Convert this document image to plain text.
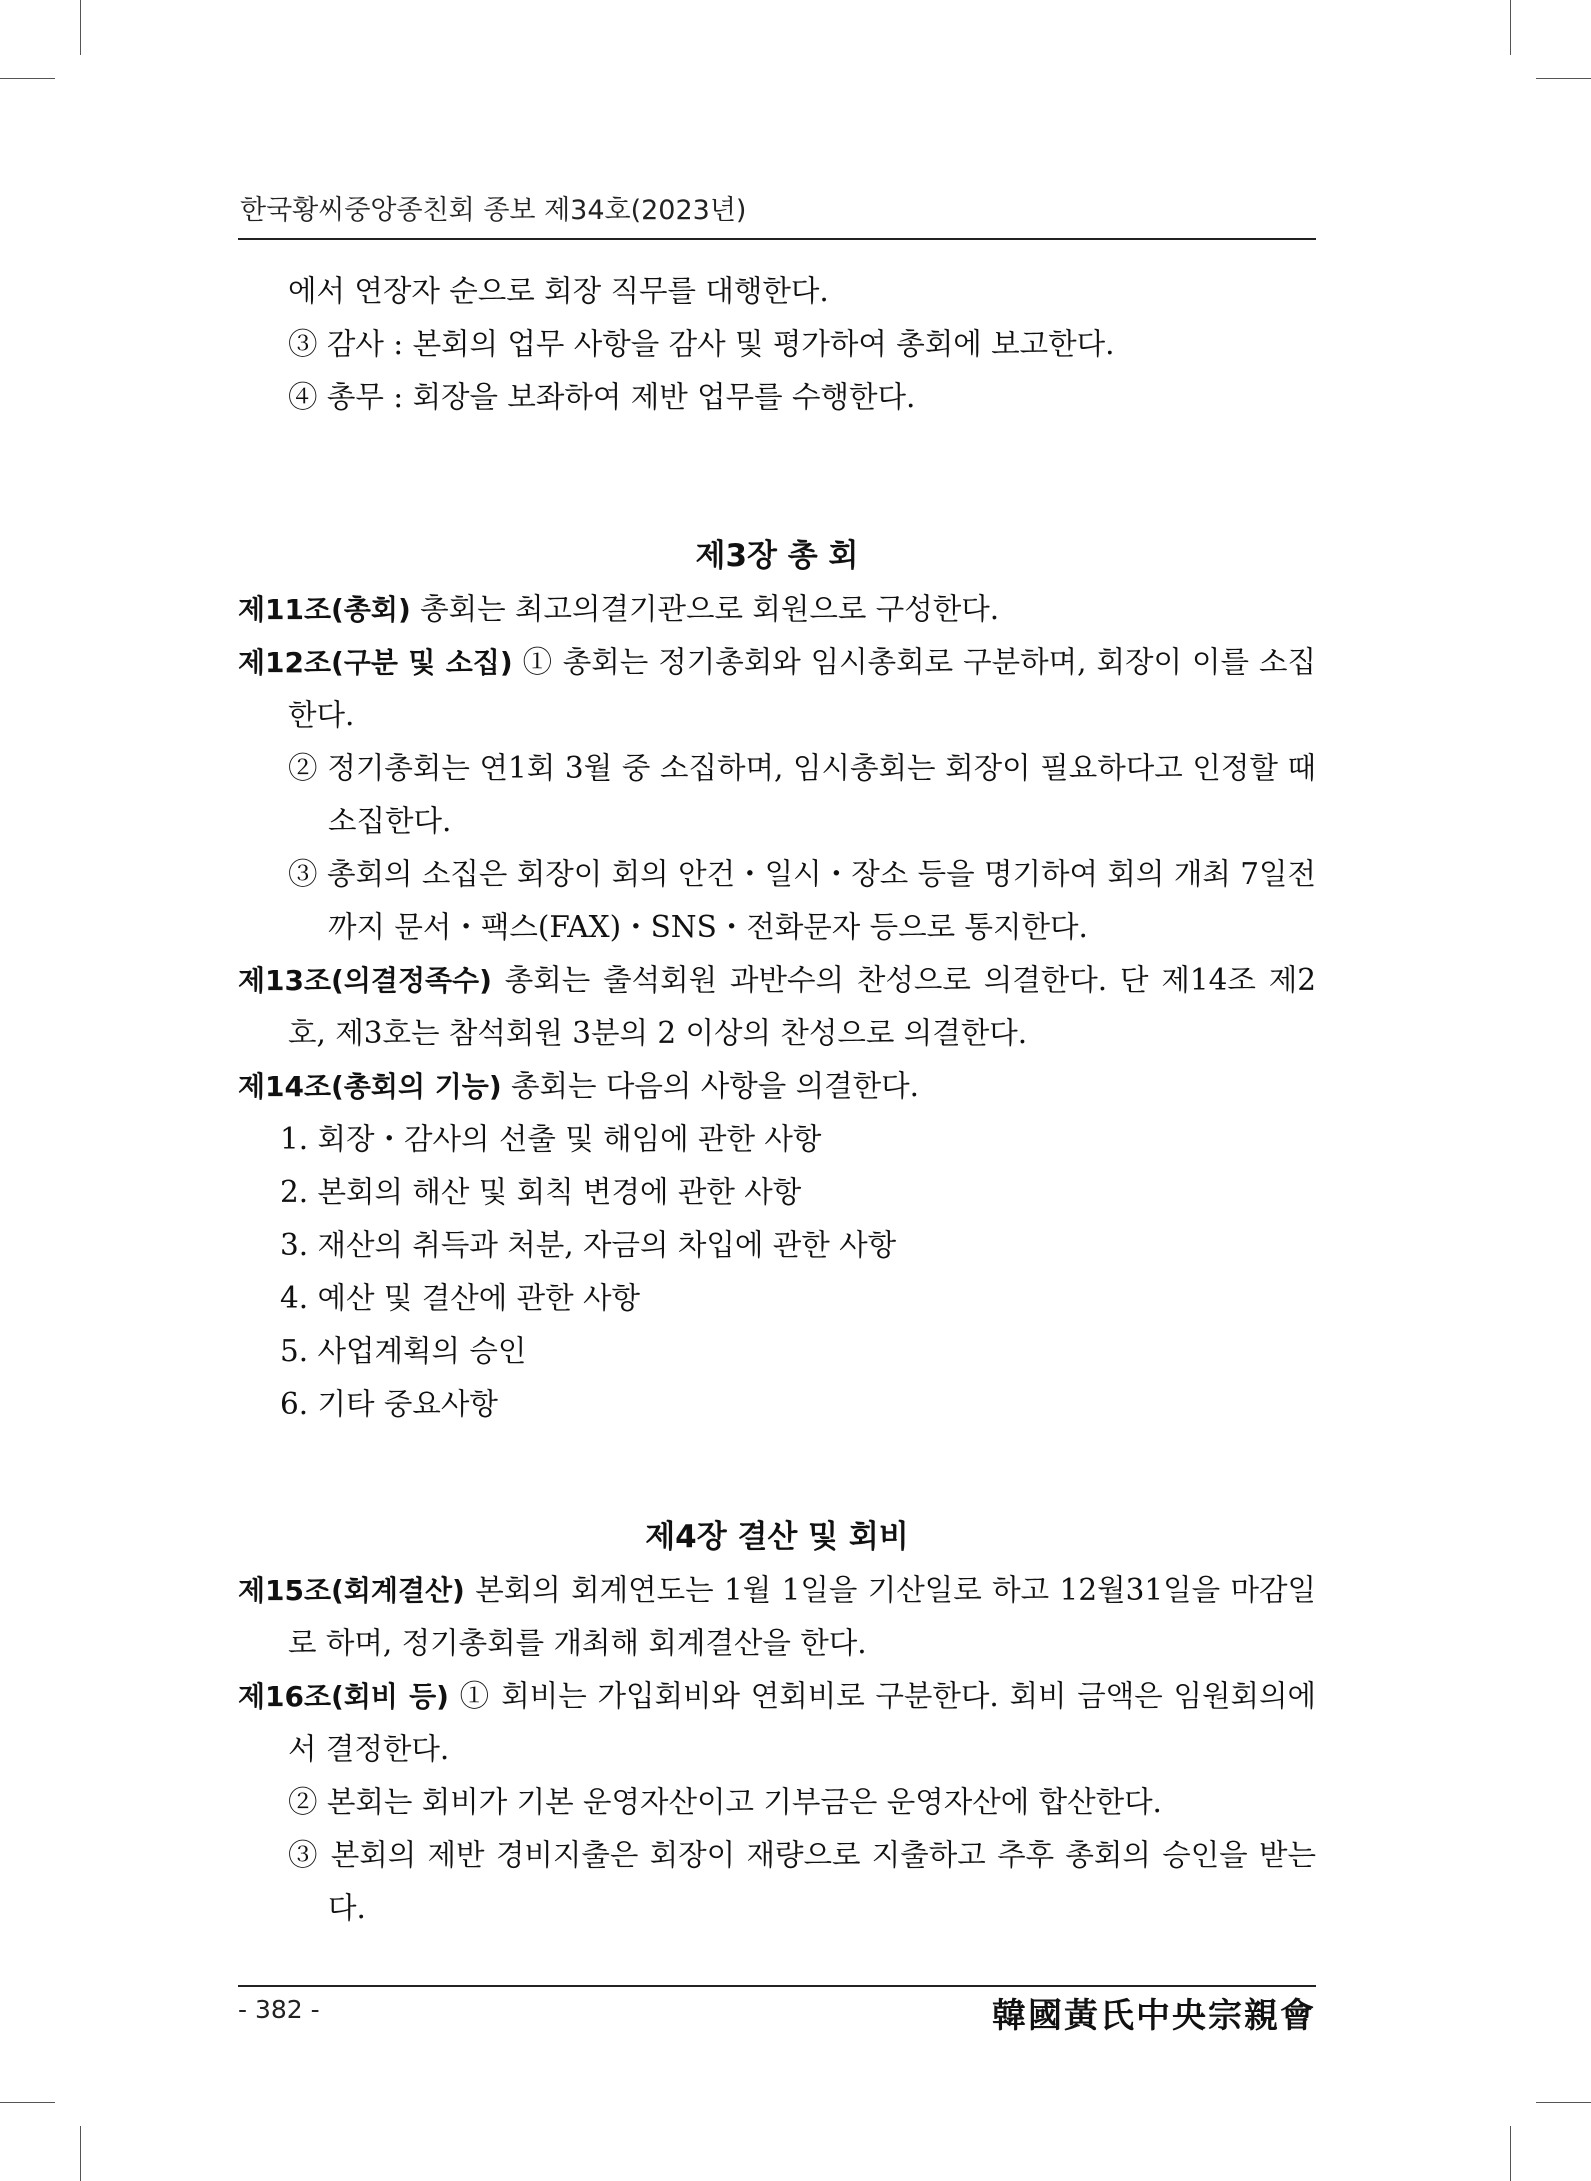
한국황씨중앙종친회 종보 제34호(2023년)

에서 연장자 순으로 회장 직무를 대행한다.

③ 감사 : 본회의 업무 사항을 감사 및 평가하여 총회에 보고한다.

④ 총무 : 회장을 보좌하여 제반 업무를 수행한다.

제3장 총 회

제11조(총회) 총회는 최고의결기관으로 회원으로 구성한다.

제12조(구분 및 소집) ① 총회는 정기총회와 임시총회로 구분하며, 회장이 이를 소집한다.

② 정기총회는 연1회 3월 중 소집하며, 임시총회는 회장이 필요하다고 인정할 때 소집한다.

③ 총회의 소집은 회장이 회의 안건・일시・장소 등을 명기하여 회의 개최 7일전까지 문서・팩스(FAX)・SNS・전화문자 등으로 통지한다.

제13조(의결정족수) 총회는 출석회원 과반수의 찬성으로 의결한다. 단 제14조 제2호, 제3호는 참석회원 3분의 2 이상의 찬성으로 의결한다.

제14조(총회의 기능) 총회는 다음의 사항을 의결한다.

1. 회장・감사의 선출 및 해임에 관한 사항

2. 본회의 해산 및 회칙 변경에 관한 사항

3. 재산의 취득과 처분, 자금의 차입에 관한 사항

4. 예산 및 결산에 관한 사항

5. 사업계획의 승인

6. 기타 중요사항

제4장 결산 및 회비

제15조(회계결산) 본회의 회계연도는 1월 1일을 기산일로 하고 12월31일을 마감일로 하며, 정기총회를 개최해 회계결산을 한다.

제16조(회비 등) ① 회비는 가입회비와 연회비로 구분한다. 회비 금액은 임원회의에서 결정한다.

② 본회는 회비가 기본 운영자산이고 기부금은 운영자산에 합산한다.

③ 본회의 제반 경비지출은 회장이 재량으로 지출하고 추후 총회의 승인을 받는다.

- 382 -	韓國黃氏中央宗親會
